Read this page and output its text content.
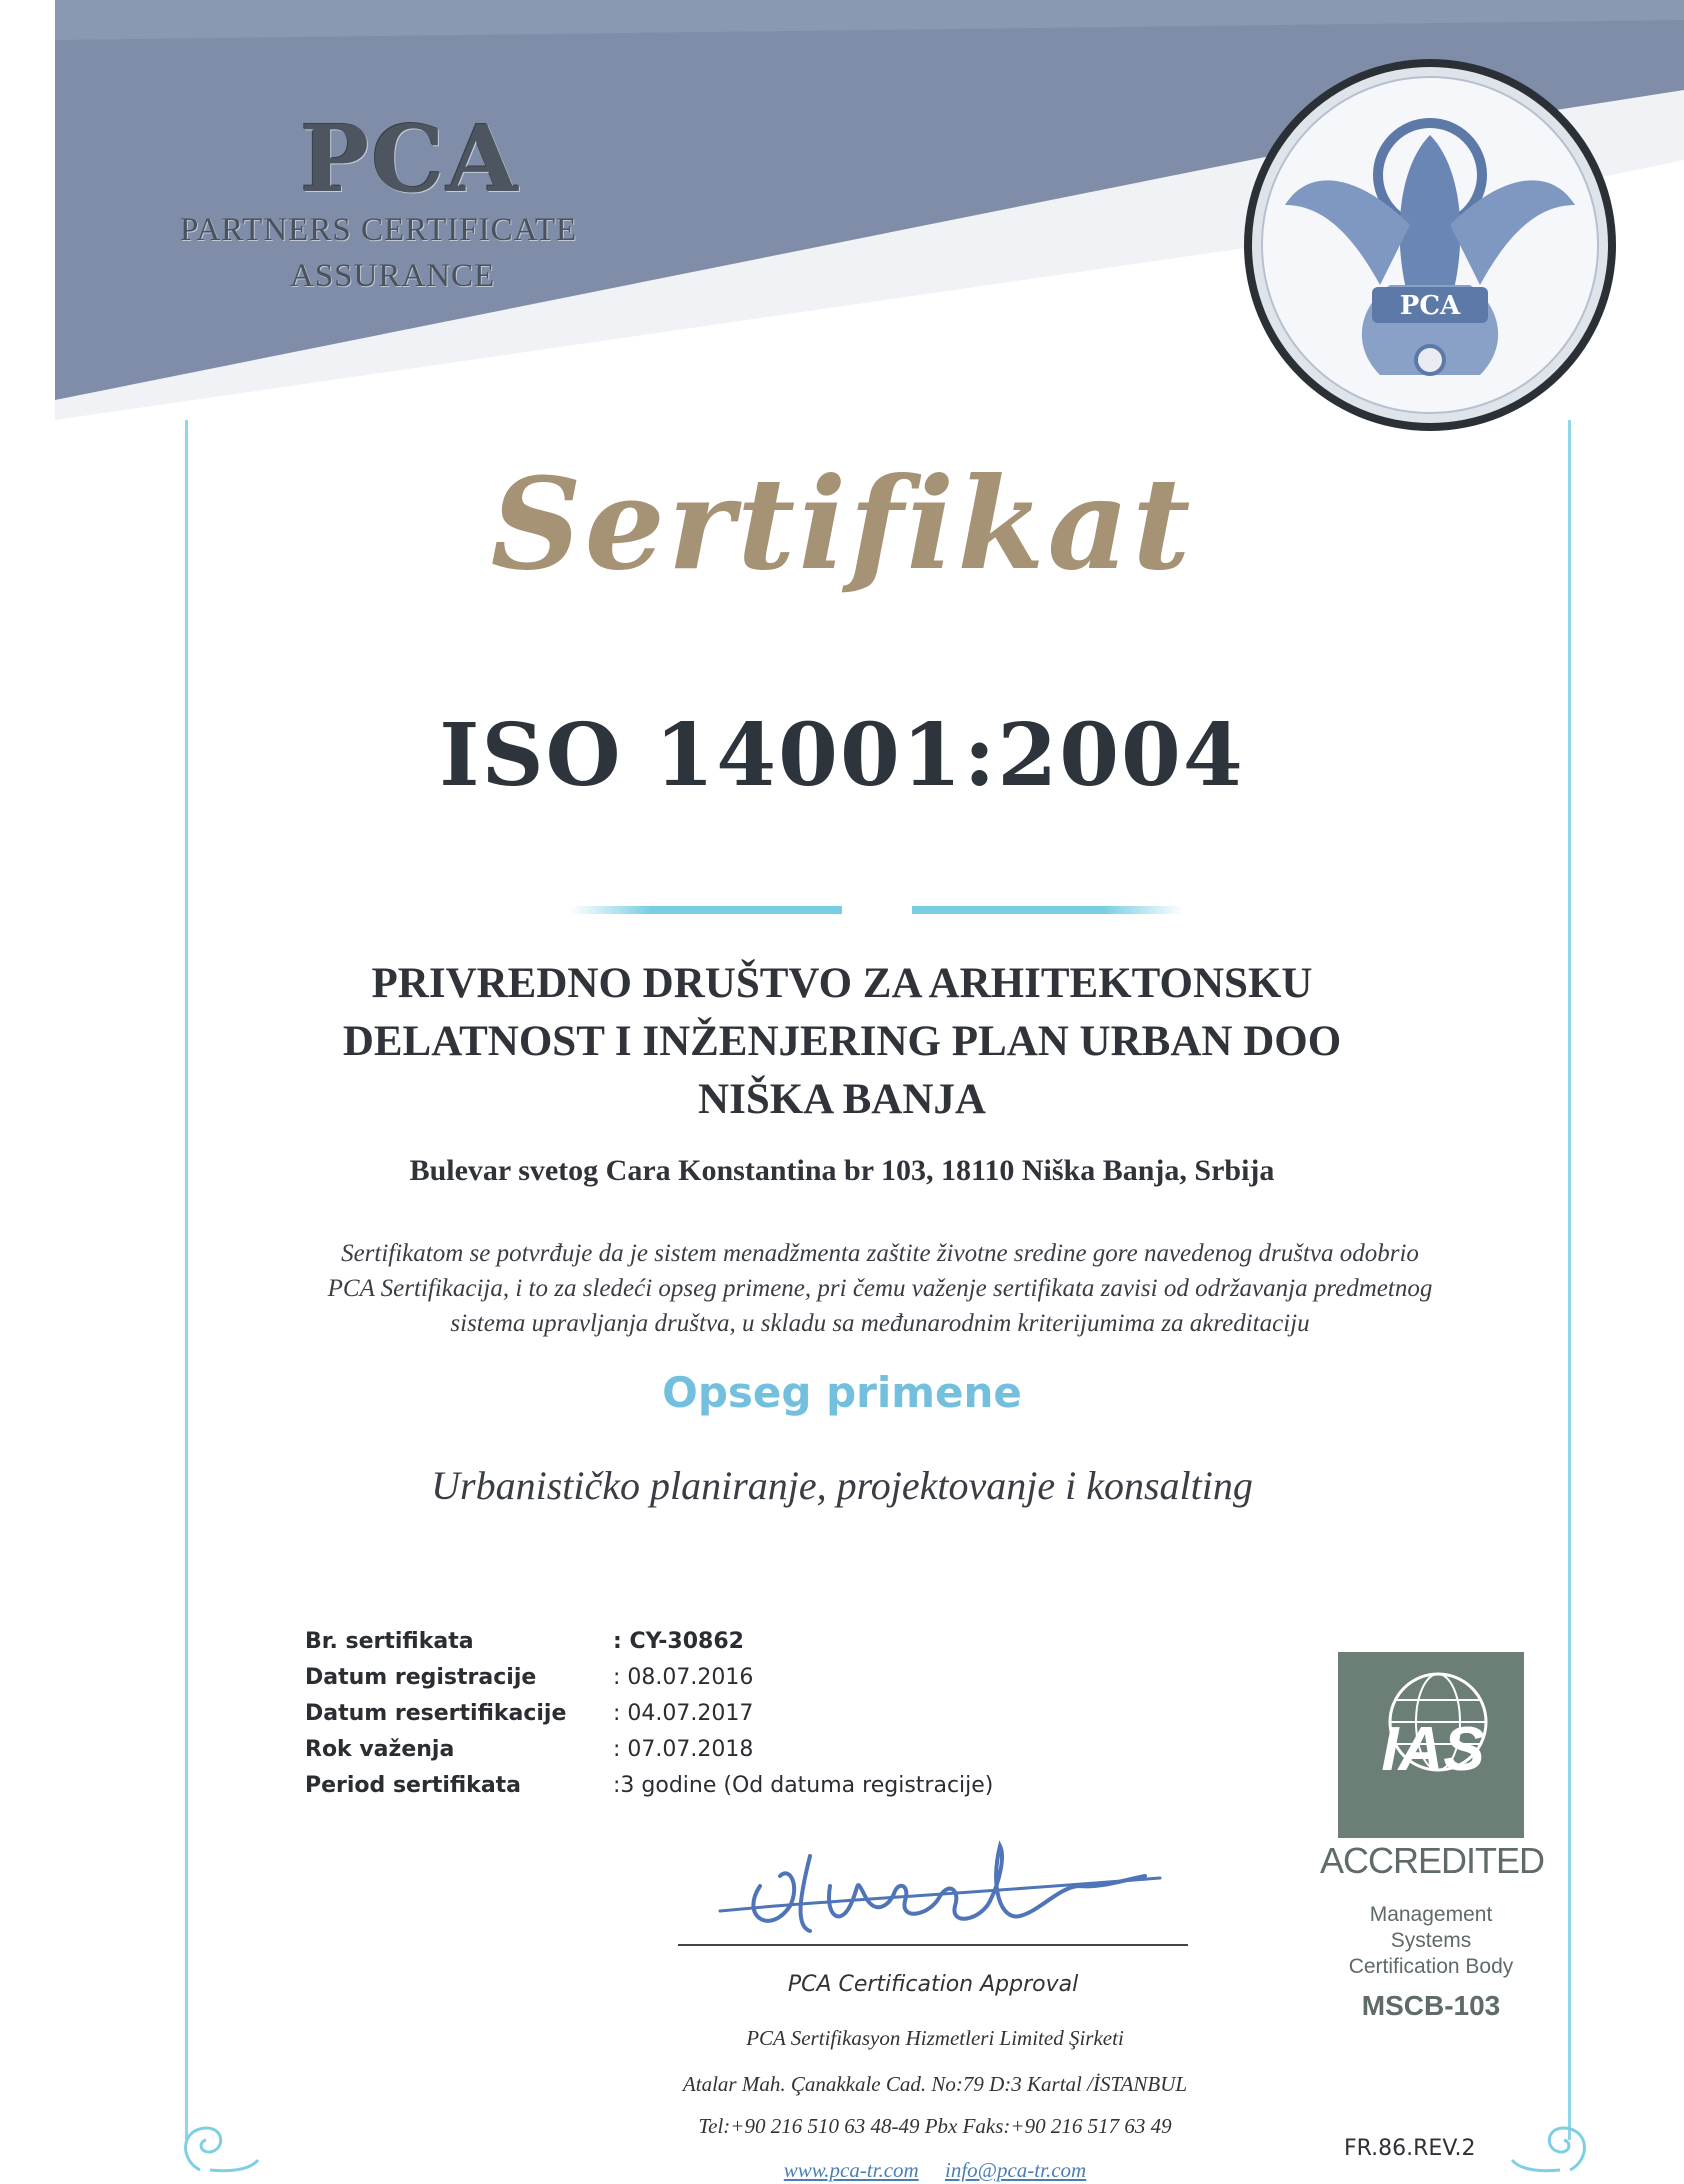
PCA
PARTNERS CERTIFICATE
ASSURANCE
PCA
Sertifikat
ISO 14001:2004
PRIVREDNO DRUŠTVO ZA ARHITEKTONSKU
DELATNOST I INŽENJERING PLAN URBAN DOO
NIŠKA BANJA
Bulevar svetog Cara Konstantina br 103, 18110 Niška Banja, Srbija
Sertifikatom se potvrđuje da je sistem menadžmenta zaštite životne sredine gore navedenog društva odobrio
PCA Sertifikacija, i to za sledeći opseg primene, pri čemu važenje sertifikata zavisi od održavanja predmetnog
sistema upravljanja društva, u skladu sa međunarodnim kriterijumima za akreditaciju
Opseg primene
Urbanističko planiranje, projektovanje i konsalting
Br. sertifikata	: CY-30862
Datum registracije	: 08.07.2016
Datum resertifikacije : 04.07.2017
Rok važenja	: 07.07.2018
Period sertifikata	:3 godine (Od datuma registracije)
PCA Certification Approval
PCA Sertifikasyon Hizmetleri Limited Şirketi
Atalar Mah. Çanakkale Cad. No:79 D:3 Kartal /İSTANBUL
Tel:+90 216 510 63 48-49 Pbx Faks:+90 216 517 63 49
www.pca-tr.com info@pca-tr.com
IAS
ACCREDITED
Management
Systems
Certification Body
MSCB-103
FR.86.REV.2
